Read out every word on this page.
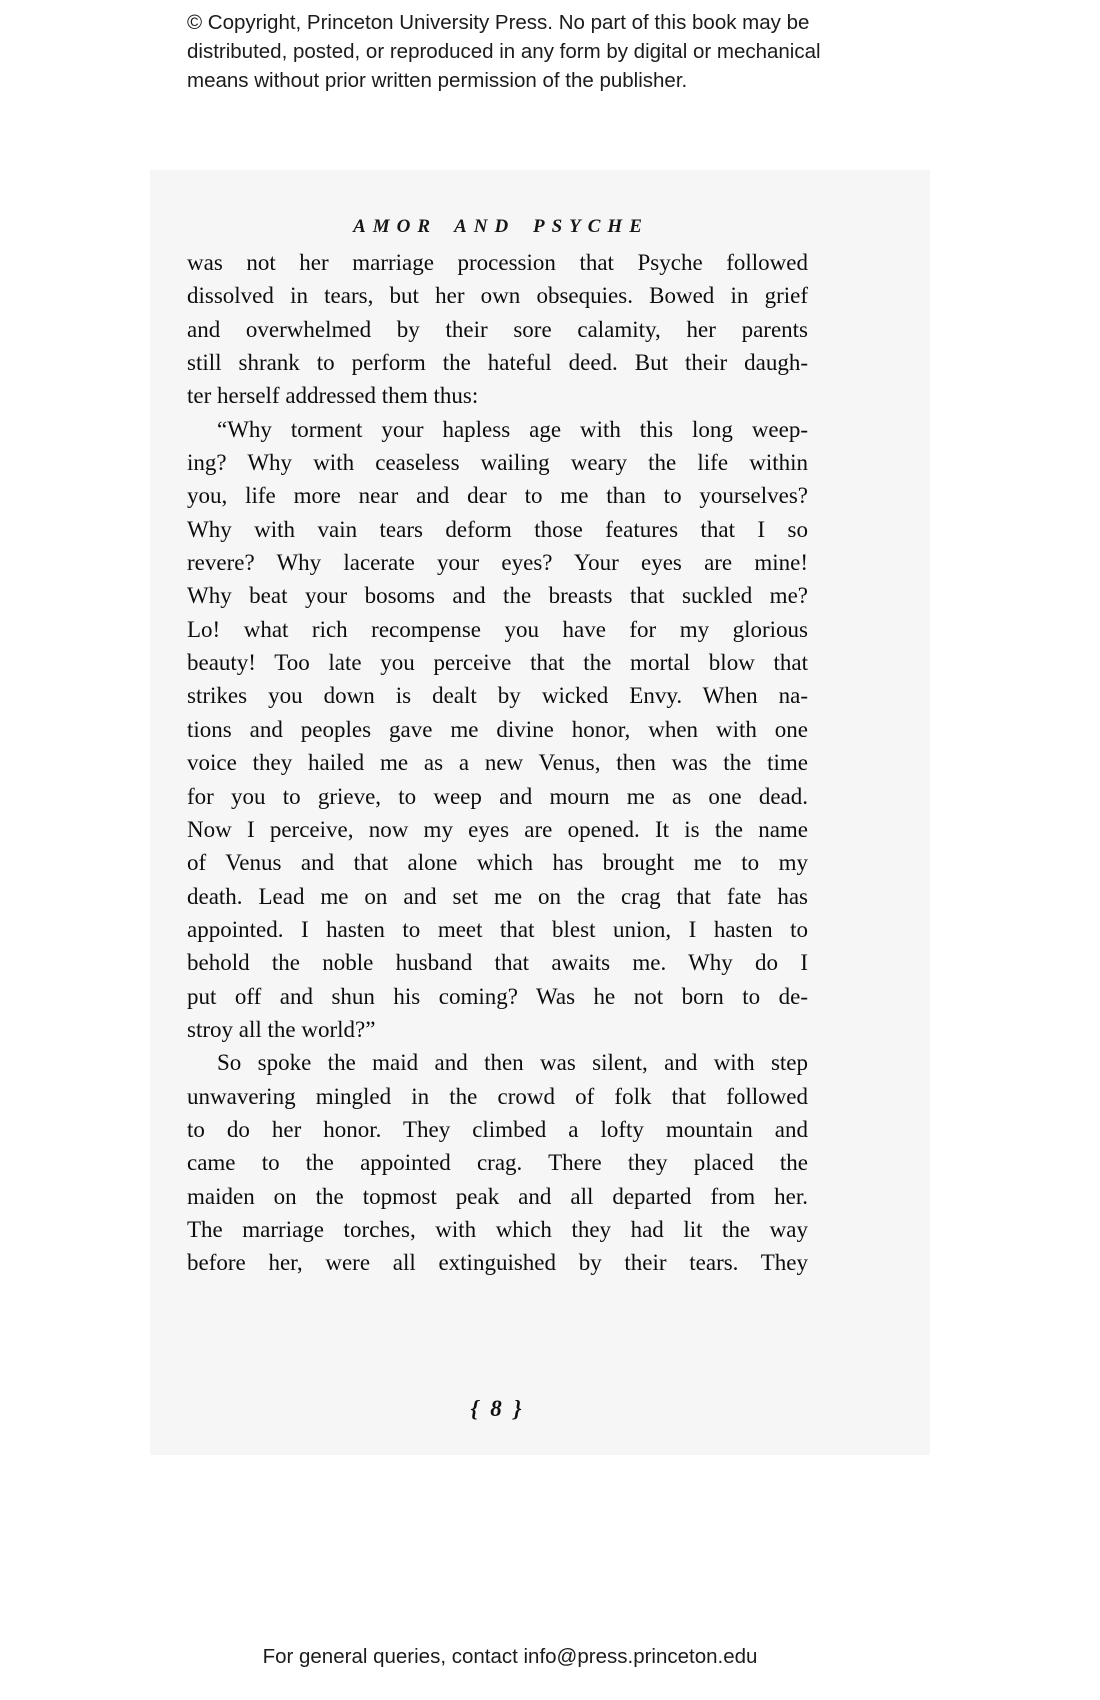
© Copyright, Princeton University Press. No part of this book may be
distributed, posted, or reproduced in any form by digital or mechanical
means without prior written permission of the publisher.
AMOR AND PSYCHE
was not her marriage procession that Psyche followed
dissolved in tears, but her own obsequies. Bowed in grief
and overwhelmed by their sore calamity, her parents
still shrank to perform the hateful deed. But their daugh-
ter herself addressed them thus:
“Why torment your hapless age with this long weep-
ing? Why with ceaseless wailing weary the life within
you, life more near and dear to me than to yourselves?
Why with vain tears deform those features that I so
revere? Why lacerate your eyes? Your eyes are mine!
Why beat your bosoms and the breasts that suckled me?
Lo! what rich recompense you have for my glorious
beauty! Too late you perceive that the mortal blow that
strikes you down is dealt by wicked Envy. When na-
tions and peoples gave me divine honor, when with one
voice they hailed me as a new Venus, then was the time
for you to grieve, to weep and mourn me as one dead.
Now I perceive, now my eyes are opened. It is the name
of Venus and that alone which has brought me to my
death. Lead me on and set me on the crag that fate has
appointed. I hasten to meet that blest union, I hasten to
behold the noble husband that awaits me. Why do I
put off and shun his coming? Was he not born to de-
stroy all the world?”
So spoke the maid and then was silent, and with step
unwavering mingled in the crowd of folk that followed
to do her honor. They climbed a lofty mountain and
came to the appointed crag. There they placed the
maiden on the topmost peak and all departed from her.
The marriage torches, with which they had lit the way
before her, were all extinguished by their tears. They
{ 8 }
For general queries, contact info@press.princeton.edu
